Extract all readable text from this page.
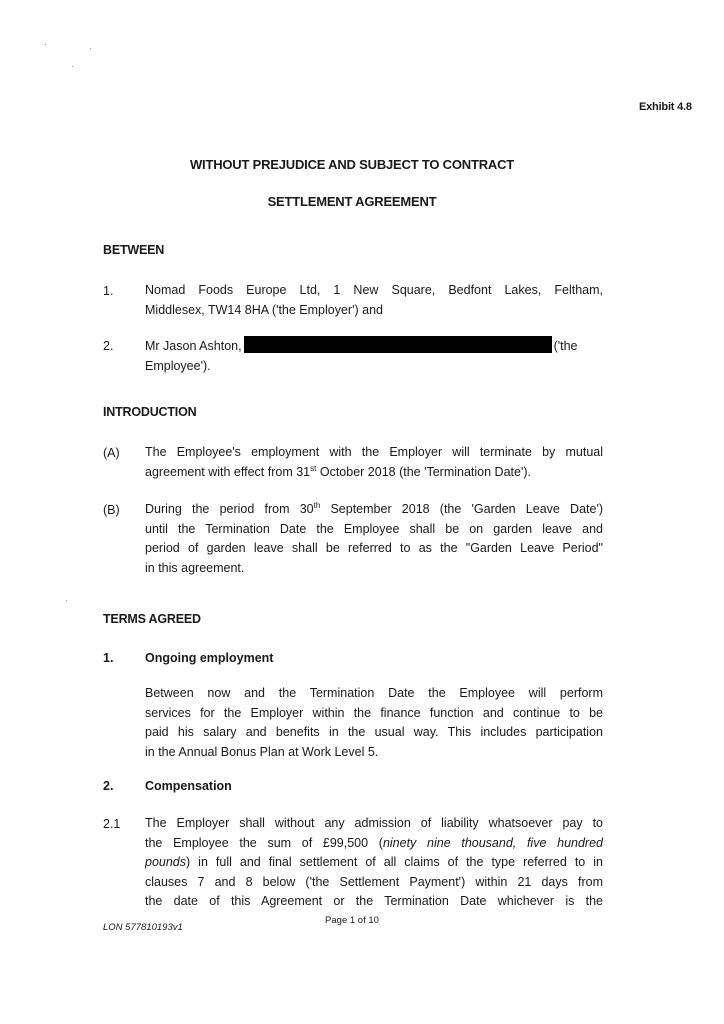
Exhibit 4.8
WITHOUT PREJUDICE AND SUBJECT TO CONTRACT
SETTLEMENT AGREEMENT
BETWEEN
1.	Nomad Foods Europe Ltd, 1 New Square, Bedfont Lakes, Feltham,
Middlesex, TW14 8HA ('the Employer') and
2.	Mr Jason Ashton,	('the
Employee').
INTRODUCTION
(A) The Employee's employment with the Employer will terminate by mutual
agreement with effect from 31st October 2018 (the 'Termination Date').
(B) During the period from 30th September 2018 (the 'Garden Leave Date')
until the Termination Date the Employee shall be on garden leave and
period of garden leave shall be referred to as the "Garden Leave Period"
in this agreement.
TERMS AGREED
1.	Ongoing employment
Between now and the Termination Date the Employee will perform
services for the Employer within the finance function and continue to be
paid his salary and benefits in the usual way. This includes participation
in the Annual Bonus Plan at Work Level 5.
2.	Compensation
2.1 The Employer shall without any admission of liability whatsoever pay to
the Employee the sum of £99,500 (ninety nine thousand, five hundred
pounds) in full and final settlement of all claims of the type referred to in
clauses 7 and 8 below ('the Settlement Payment') within 21 days from
the date of this Agreement or the Termination Date whichever is the
Page 1 of 10
LON 577810193v1
